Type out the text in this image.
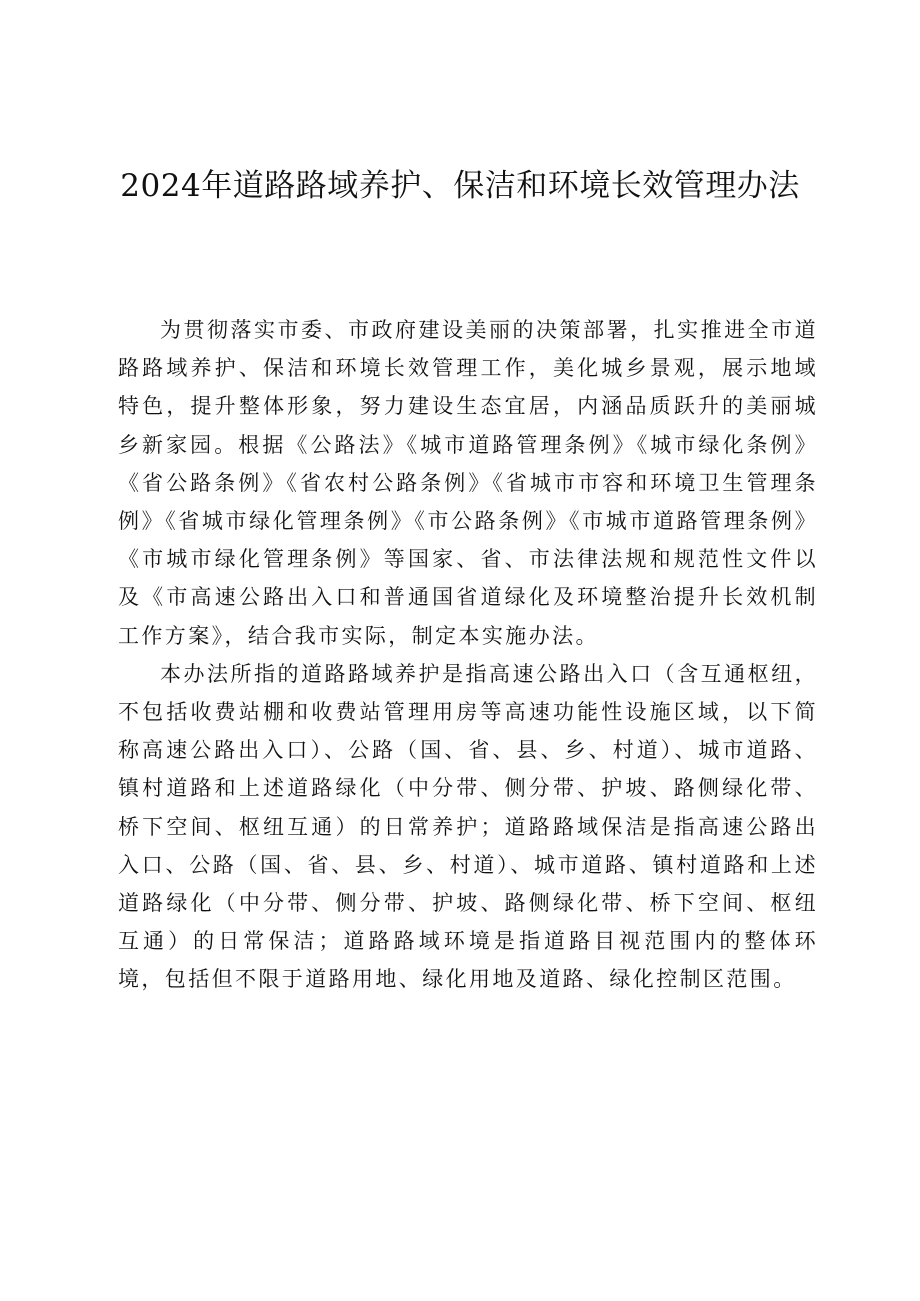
2024年道路路域养护、保洁和环境长效管理办法

为贯彻落实市委、市政府建设美丽的决策部署，扎实推进全市道路路域养护、保洁和环境长效管理工作，美化城乡景观，展示地域特色，提升整体形象，努力建设生态宜居，内涵品质跃升的美丽城乡新家园。根据《公路法》《城市道路管理条例》《城市绿化条例》《省公路条例》《省农村公路条例》《省城市市容和环境卫生管理条例》《省城市绿化管理条例》《市公路条例》《市城市道路管理条例》《市城市绿化管理条例》等国家、省、市法律法规和规范性文件以及《市高速公路出入口和普通国省道绿化及环境整治提升长效机制工作方案》，结合我市实际，制定本实施办法。

本办法所指的道路路域养护是指高速公路出入口（含互通枢纽，不包括收费站棚和收费站管理用房等高速功能性设施区域，以下简称高速公路出入口）、公路（国、省、县、乡、村道）、城市道路、镇村道路和上述道路绿化（中分带、侧分带、护坡、路侧绿化带、桥下空间、枢纽互通）的日常养护；道路路域保洁是指高速公路出入口、公路（国、省、县、乡、村道）、城市道路、镇村道路和上述道路绿化（中分带、侧分带、护坡、路侧绿化带、桥下空间、枢纽互通）的日常保洁；道路路域环境是指道路目视范围内的整体环境，包括但不限于道路用地、绿化用地及道路、绿化控制区范围。
